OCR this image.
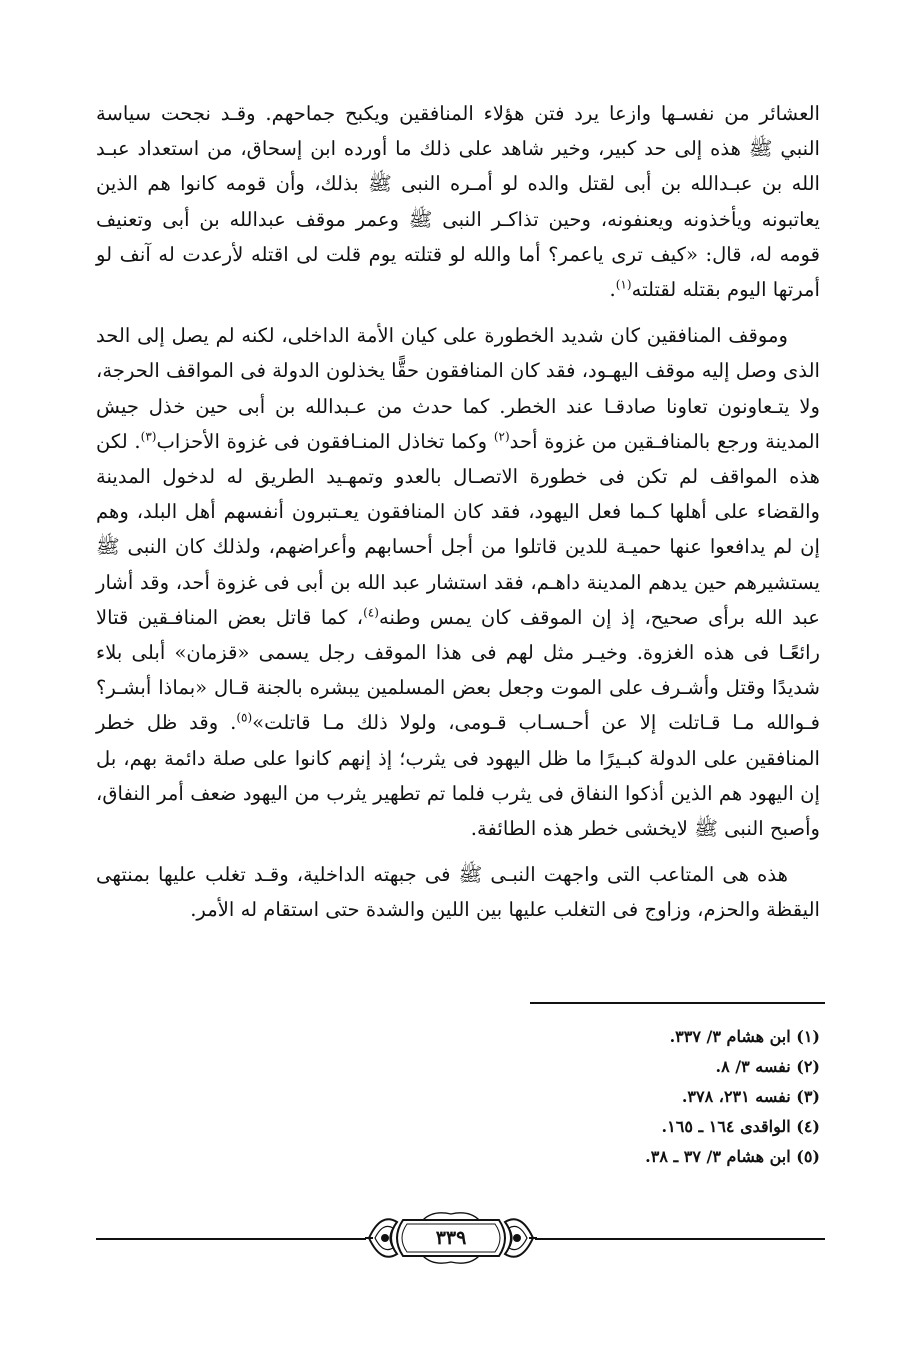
العشائر من نفسـها وازعا يرد فتن هؤلاء المنافقين ويكبح جماحهم. وقـد نجحت سياسة النبي ﷺ هذه إلى حد كبير، وخير شاهد على ذلك ما أورده ابن إسحاق، من استعداد عبـد الله بن عبـدالله بن أبى لقتل والده لو أمـره النبى ﷺ بذلك، وأن قومه كانوا هم الذين يعاتبونه ويأخذونه ويعنفونه، وحين تذاكـر النبى ﷺ وعمر موقف عبدالله بن أبى وتعنيف قومه له، قال: «كيف ترى ياعمر؟ أما والله لو قتلته يوم قلت لى اقتله لأرعدت له آنف لو أمرتها اليوم بقتله لقتلته$^{(١)}$.

وموقف المنافقين كان شديد الخطورة على كيان الأمة الداخلى، لكنه لم يصل إلى الحد الذى وصل إليه موقف اليهـود، فقد كان المنافقون حقًّا يخذلون الدولة فى المواقف الحرجة، ولا يتـعاونون تعاونا صادقـا عند الخطر. كما حدث من عـبدالله بن أبى حين خذل جيش المدينة ورجع بالمنافـقين من غزوة أحد$^{(٢)}$ وكما تخاذل المنـافقون فى غزوة الأحزاب$^{(٣)}$. لكن هذه المواقف لم تكن فى خطورة الاتصـال بالعدو وتمهـيد الطريق له لدخول المدينة والقضاء على أهلها كـما فعل اليهود، فقد كان المنافقون يعـتبرون أنفسهم أهل البلد، وهم إن لم يدافعوا عنها حميـة للدين قاتلوا من أجل أحسابهم وأعراضهم، ولذلك كان النبى ﷺ يستشيرهم حين يدهم المدينة داهـم، فقد استشار عبد الله بن أبى فى غزوة أحد، وقد أشار عبد الله برأى صحيح، إذ إن الموقف كان يمس وطنه$^{(٤)}$، كما قاتل بعض المنافـقين قتالا رائعًـا فى هذه الغزوة. وخيـر مثل لهم فى هذا الموقف رجل يسمى «قزمان» أبلى بلاء شديدًا وقتل وأشـرف على الموت وجعل بعض المسلمين يبشره بالجنة قـال «بماذا أبشـر؟ فـوالله مـا قـاتلت إلا عن أحـسـاب قـومى، ولولا ذلك مـا قاتلت»$^{(٥)}$. وقد ظل خطر المنافقين على الدولة كبـيرًا ما ظل اليهود فى يثرب؛ إذ إنهم كانوا على صلة دائمة بهم، بل إن اليهود هم الذين أذكوا النفاق فى يثرب فلما تم تطهير يثرب من اليهود ضعف أمر النفاق، وأصبح النبى ﷺ لايخشى خطر هذه الطائفة.

هذه هى المتاعب التى واجهت النبـى ﷺ فى جبهته الداخلية، وقـد تغلب عليها بمنتهى اليقظة والحزم، وزاوج فى التغلب عليها بين اللين والشدة حتى استقام له الأمر.

(١) ابن هشام ٣/ ٣٣٧.
(٢) نفسه ٣/ ٨.
(٣) نفسه ٢٣١، ٣٧٨.
(٤) الواقدى ١٦٤ ـ ١٦٥.
(٥) ابن هشام ٣/ ٣٧ ـ ٣٨.
٣٣٩
